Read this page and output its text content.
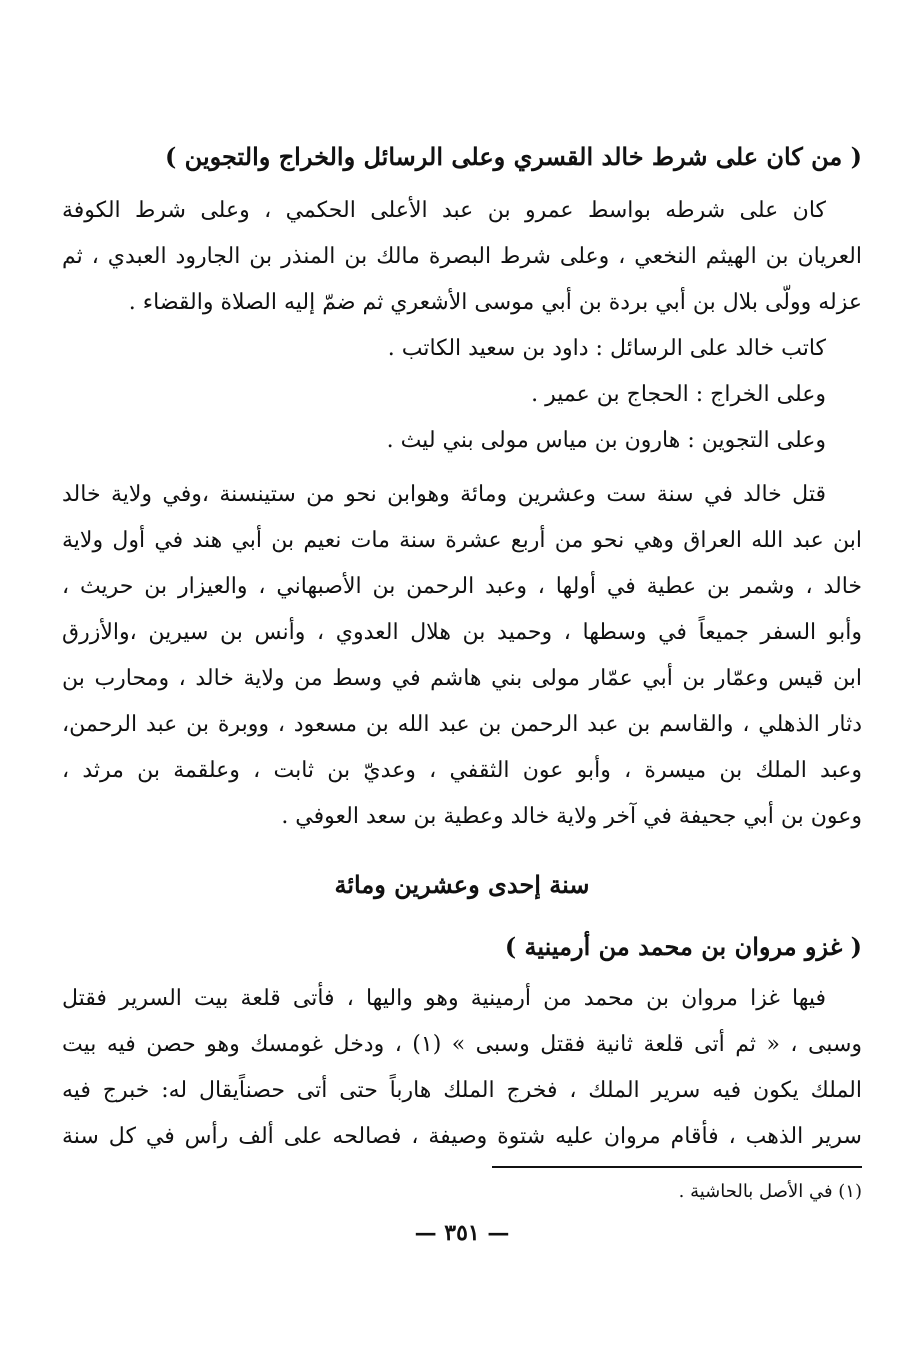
( من كان على شرط خالد القسري وعلى الرسائل والخراج والتجوين )
كان على شرطه بواسط عمرو بن عبد الأعلى الحكمي ، وعلى شرط الكوفة
العريان بن الهيثم النخعي ، وعلى شرط البصرة مالك بن المنذر بن الجارود العبدي ، ثم
عزله وولّى بلال بن أبي بردة بن أبي موسى الأشعري ثم ضمّ إليه الصلاة والقضاء .
كاتب خالد على الرسائل : داود بن سعيد الكاتب .
وعلى الخراج : الحجاج بن عمير .
وعلى التجوين : هارون بن مياس مولى بني ليث .
قتل خالد في سنة ست وعشرين ومائة وهوابن نحو من ستينسنة ،وفي ولاية خالد
ابن عبد الله العراق وهي نحو من أربع عشرة سنة مات نعيم بن أبي هند في أول ولاية
خالد ، وشمر بن عطية في أولها ، وعبد الرحمن بن الأصبهاني ، والعيزار بن حريث ،
وأبو السفر جميعاً في وسطها ، وحميد بن هلال العدوي ، وأنس بن سيرين ،والأزرق
ابن قيس وعمّار بن أبي عمّار مولى بني هاشم في وسط من ولاية خالد ، ومحارب بن
دثار الذهلي ، والقاسم بن عبد الرحمن بن عبد الله بن مسعود ، ووبرة بن عبد الرحمن،
وعبد الملك بن ميسرة ، وأبو عون الثقفي ، وعديّ بن ثابت ، وعلقمة بن مرثد ،
وعون بن أبي جحيفة في آخر ولاية خالد وعطية بن سعد العوفي .
سنة إحدى وعشرين ومائة
( غزو مروان بن محمد من أرمينية )
فيها غزا مروان بن محمد من أرمينية وهو واليها ، فأتى قلعة بيت السرير فقتل
وسبى ، « ثم أتى قلعة ثانية فقتل وسبى » (١) ، ودخل غومسك وهو حصن فيه بيت
الملك يكون فيه سرير الملك ، فخرج الملك هارباً حتى أتى حصناًيقال له: خبرج فيه
سرير الذهب ، فأقام مروان عليه شتوة وصيفة ، فصالحه على ألف رأس في كل سنة
(١) في الأصل بالحاشية .
— ٣٥١ —
